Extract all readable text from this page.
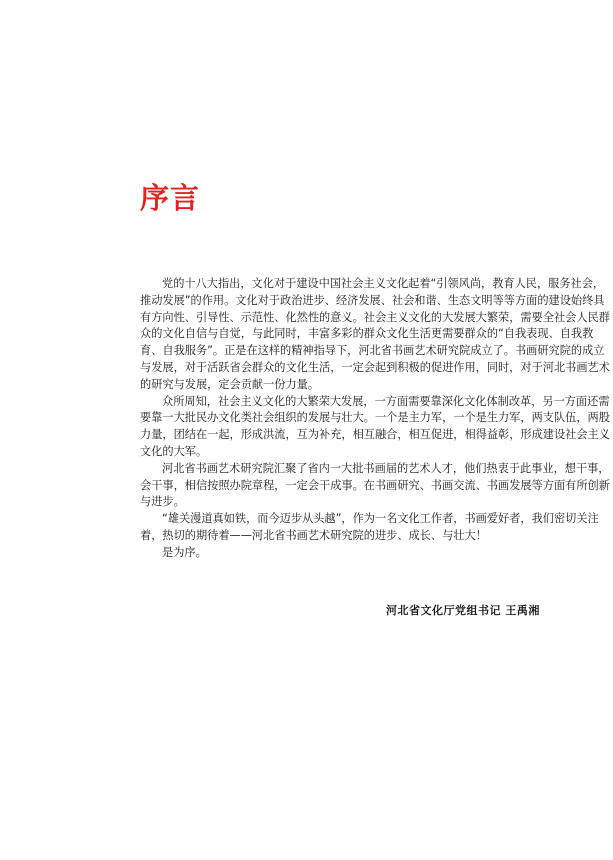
序言
党的十八大指出，文化对于建设中国社会主义文化起着“引领风尚，教育人民，服务社会，
推动发展”的作用。文化对于政治进步、经济发展、社会和谐、生态文明等等方面的建设始终具
有方向性、引导性、示范性、化然性的意义。社会主义文化的大发展大繁荣，需要全社会人民群
众的文化自信与自觉，与此同时，丰富多彩的群众文化生活更需要群众的“自我表现、自我教
育、自我服务”。正是在这样的精神指导下，河北省书画艺术研究院成立了。书画研究院的成立
与发展，对于活跃省会群众的文化生活，一定会起到积极的促进作用，同时，对于河北书画艺术
的研究与发展，定会贡献一份力量。
众所周知，社会主义文化的大繁荣大发展，一方面需要靠深化文化体制改革，另一方面还需
要靠一大批民办文化类社会组织的发展与壮大。一个是主力军，一个是生力军，两支队伍，两股
力量，团结在一起，形成洪流，互为补充，相互融合，相互促进，相得益彰，形成建设社会主义
文化的大军。
河北省书画艺术研究院汇聚了省内一大批书画届的艺术人才，他们热衷于此事业，想干事，
会干事，相信按照办院章程，一定会干成事。在书画研究、书画交流、书画发展等方面有所创新
与进步。
“雄关漫道真如铁，而今迈步从头越”，作为一名文化工作者，书画爱好者，我们密切关注
着，热切的期待着——河北省书画艺术研究院的进步、成长、与壮大！
是为序。
河北省文化厅党组书记 王禹湘
